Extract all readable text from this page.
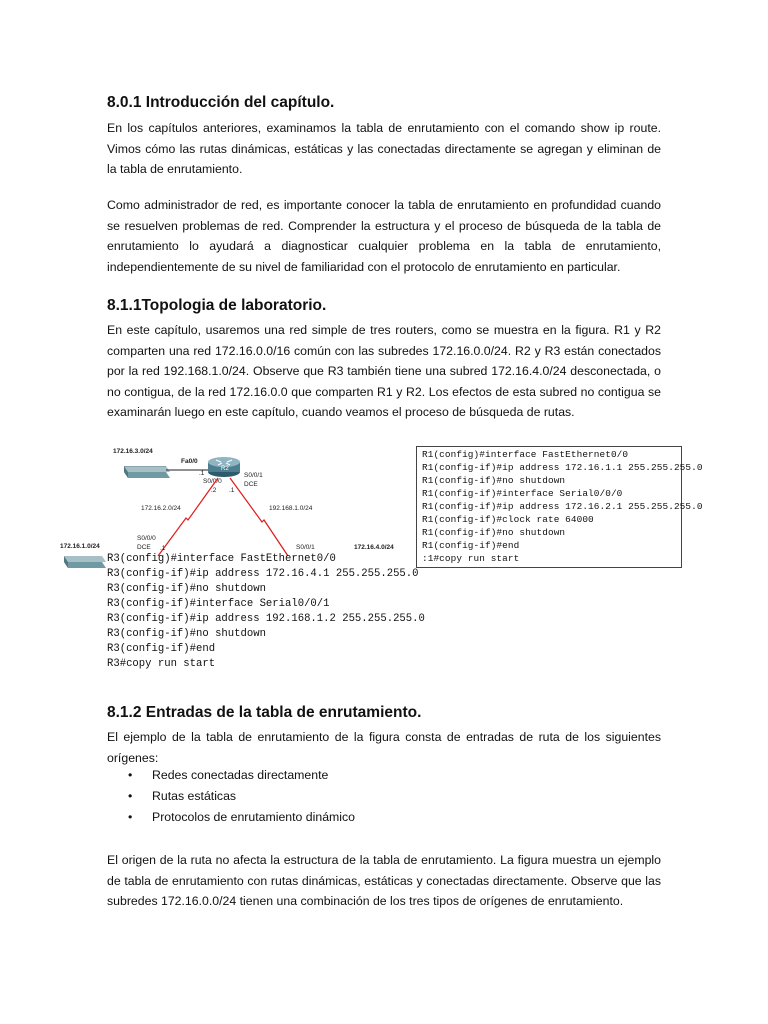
8.0.1 Introducción del capítulo.

En los capítulos anteriores, examinamos la tabla de enrutamiento con el comando show ip route. Vimos cómo las rutas dinámicas, estáticas y las conectadas directamente se agregan y eliminan de la tabla de enrutamiento.

Como administrador de red, es importante conocer la tabla de enrutamiento en profundidad cuando se resuelven problemas de red. Comprender la estructura y el proceso de búsqueda de la tabla de enrutamiento lo ayudará a diagnosticar cualquier problema en la tabla de enrutamiento, independientemente de su nivel de familiaridad con el protocolo de enrutamiento en particular.

8.1.1Topologia de laboratorio.

En este capítulo, usaremos una red simple de tres routers, como se muestra en la figura. R1 y R2 comparten una red 172.16.0.0/16 común con las subredes 172.16.0.0/24. R2 y R3 están conectados por la red 192.168.1.0/24. Observe que R3 también tiene una subred 172.16.4.0/24 desconectada, o no contigua, de la red 172.16.0.0 que comparten R1 y R2. Los efectos de esta subred no contigua se examinarán luego en este capítulo, cuando veamos el proceso de búsqueda de rutas.

172.16.3.0/24
Fa0/0
.1
R2
S0/0/0
S0/0/1
DCE
.2 .1
172.16.2.0/24	192.168.1.0/24
S0/0/0
DCE .1	S0/0/1
172.16.1.0/24	172.16.4.0/24
R1(config)#interface FastEthernet0/0
R1(config-if)#ip address 172.16.1.1 255.255.255.0
R1(config-if)#no shutdown
R1(config-if)#interface Serial0/0/0
R1(config-if)#ip address 172.16.2.1 255.255.255.0
R1(config-if)#clock rate 64000
R1(config-if)#no shutdown
R1(config-if)#end
:1#copy run start
R3(config)#interface FastEthernet0/0
R3(config-if)#ip address 172.16.4.1 255.255.255.0
R3(config-if)#no shutdown
R3(config-if)#interface Serial0/0/1
R3(config-if)#ip address 192.168.1.2 255.255.255.0
R3(config-if)#no shutdown
R3(config-if)#end
R3#copy run start
8.1.2 Entradas de la tabla de enrutamiento.

El ejemplo de la tabla de enrutamiento de la figura consta de entradas de ruta de los siguientes orígenes:

• Redes conectadas directamente
• Rutas estáticas
• Protocolos de enrutamiento dinámico

El origen de la ruta no afecta la estructura de la tabla de enrutamiento. La figura muestra un ejemplo de tabla de enrutamiento con rutas dinámicas, estáticas y conectadas directamente. Observe que las subredes 172.16.0.0/24 tienen una combinación de los tres tipos de orígenes de enrutamiento.
